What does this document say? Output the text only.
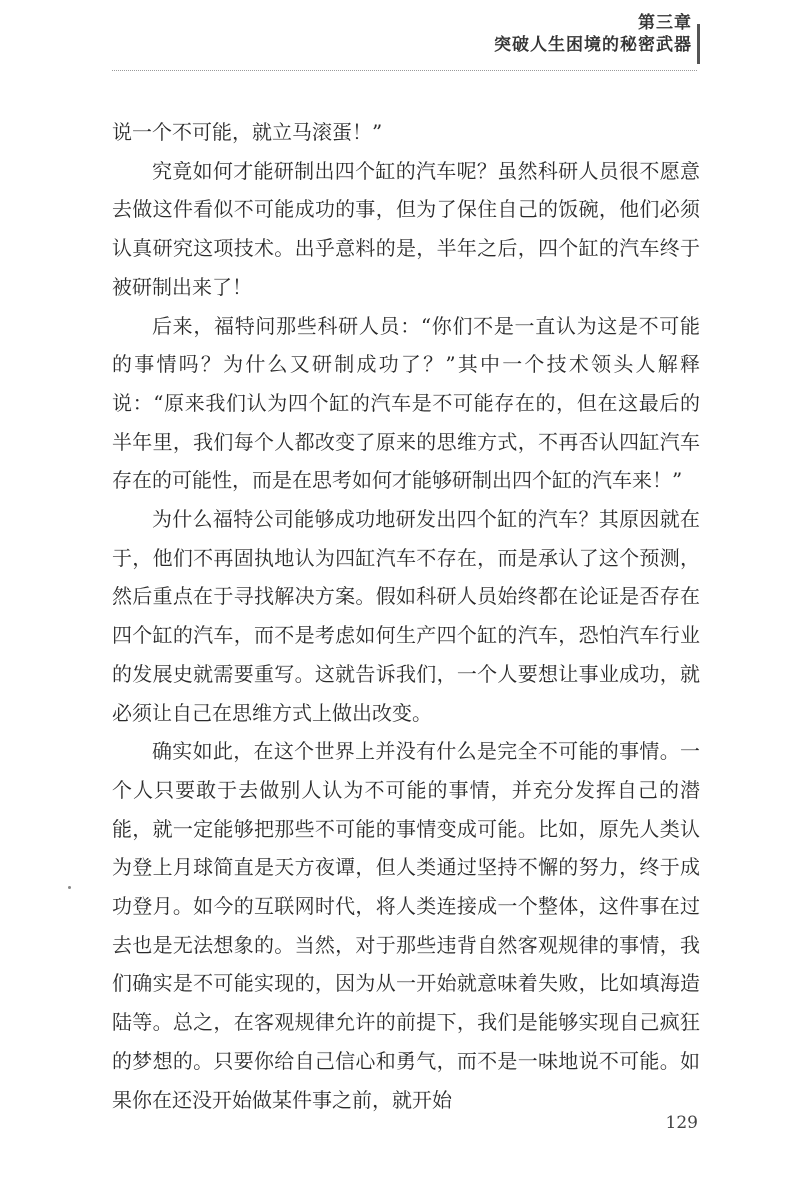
第三章
突破人生困境的秘密武器

说一个不可能，就立马滚蛋！”

究竟如何才能研制出四个缸的汽车呢？虽然科研人员很不愿意去做这件看似不可能成功的事，但为了保住自己的饭碗，他们必须认真研究这项技术。出乎意料的是，半年之后，四个缸的汽车终于被研制出来了！

后来，福特问那些科研人员：“你们不是一直认为这是不可能的事情吗？为什么又研制成功了？”其中一个技术领头人解释说：“原来我们认为四个缸的汽车是不可能存在的，但在这最后的半年里，我们每个人都改变了原来的思维方式，不再否认四缸汽车存在的可能性，而是在思考如何才能够研制出四个缸的汽车来！”

为什么福特公司能够成功地研发出四个缸的汽车？其原因就在于，他们不再固执地认为四缸汽车不存在，而是承认了这个预测，然后重点在于寻找解决方案。假如科研人员始终都在论证是否存在四个缸的汽车，而不是考虑如何生产四个缸的汽车，恐怕汽车行业的发展史就需要重写。这就告诉我们，一个人要想让事业成功，就必须让自己在思维方式上做出改变。

确实如此，在这个世界上并没有什么是完全不可能的事情。一个人只要敢于去做别人认为不可能的事情，并充分发挥自己的潜能，就一定能够把那些不可能的事情变成可能。比如，原先人类认为登上月球简直是天方夜谭，但人类通过坚持不懈的努力，终于成功登月。如今的互联网时代，将人类连接成一个整体，这件事在过去也是无法想象的。当然，对于那些违背自然客观规律的事情，我们确实是不可能实现的，因为从一开始就意味着失败，比如填海造陆等。总之，在客观规律允许的前提下，我们是能够实现自己疯狂的梦想的。只要你给自己信心和勇气，而不是一味地说不可能。如果你在还没开始做某件事之前，就开始

129
